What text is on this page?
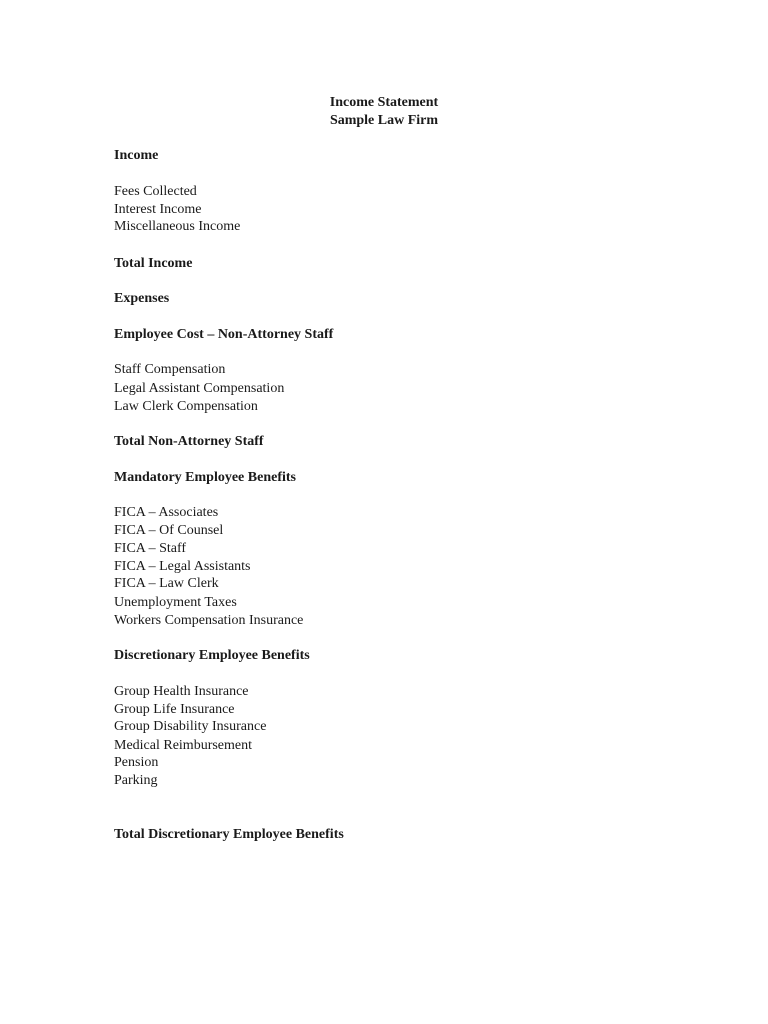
Income Statement
Sample Law Firm
Income
Fees Collected
Interest Income
Miscellaneous Income
Total Income
Expenses
Employee Cost – Non-Attorney Staff
Staff Compensation
Legal Assistant Compensation
Law Clerk Compensation
Total Non-Attorney Staff
Mandatory Employee Benefits
FICA – Associates
FICA – Of Counsel
FICA – Staff
FICA – Legal Assistants
FICA – Law Clerk
Unemployment Taxes
Workers Compensation Insurance
Discretionary Employee Benefits
Group Health Insurance
Group Life Insurance
Group Disability Insurance
Medical Reimbursement
Pension
Parking
Total Discretionary Employee Benefits
